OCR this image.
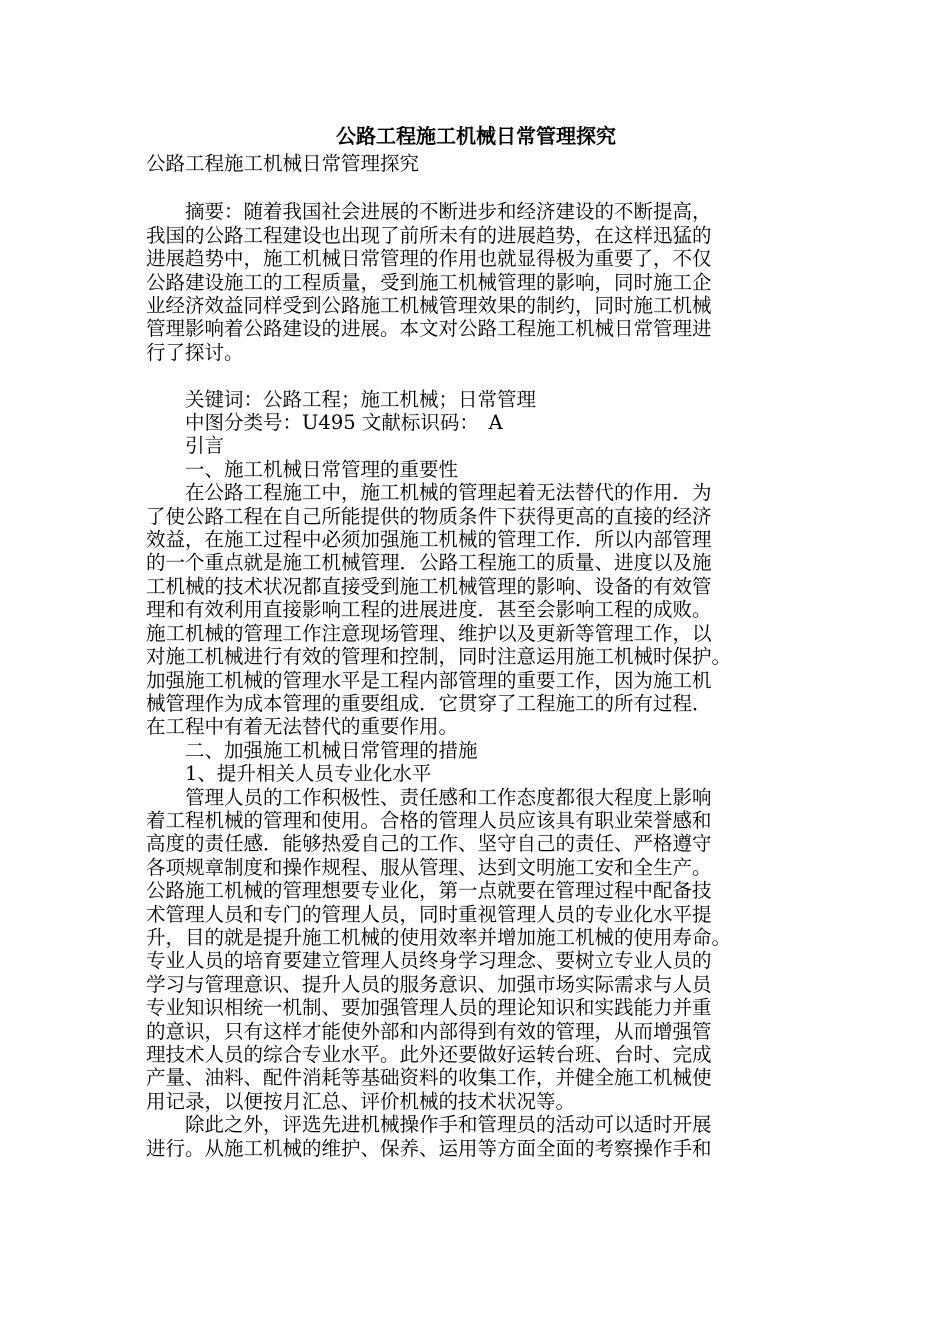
公路工程施工机械日常管理探究
公路工程施工机械日常管理探究
　　摘要：随着我国社会进展的不断进步和经济建设的不断提高，
我国的公路工程建设也出现了前所未有的进展趋势，在这样迅猛的
进展趋势中，施工机械日常管理的作用也就显得极为重要了，不仅
公路建设施工的工程质量，受到施工机械管理的影响，同时施工企
业经济效益同样受到公路施工机械管理效果的制约，同时施工机械
管理影响着公路建设的进展。本文对公路工程施工机械日常管理进
行了探讨。
　　关键词：公路工程；施工机械；日常管理
　　中图分类号：U495 文献标识码：　A
　　引言
　　一、施工机械日常管理的重要性
　　在公路工程施工中，施工机械的管理起着无法替代的作用．为
了使公路工程在自己所能提供的物质条件下获得更高的直接的经济
效益，在施工过程中必须加强施工机械的管理工作．所以内部管理
的一个重点就是施工机械管理．公路工程施工的质量、进度以及施
工机械的技术状况都直接受到施工机械管理的影响、设备的有效管
理和有效利用直接影响工程的进展进度．甚至会影响工程的成败。
施工机械的管理工作注意现场管理、维护以及更新等管理工作，以
对施工机械进行有效的管理和控制，同时注意运用施工机械时保护。
加强施工机械的管理水平是工程内部管理的重要工作，因为施工机
械管理作为成本管理的重要组成．它贯穿了工程施工的所有过程．
在工程中有着无法替代的重要作用。
　　二、加强施工机械日常管理的措施
　　1、提升相关人员专业化水平
　　管理人员的工作积极性、责任感和工作态度都很大程度上影响
着工程机械的管理和使用。合格的管理人员应该具有职业荣誉感和
高度的责任感．能够热爱自己的工作、坚守自己的责任、严格遵守
各项规章制度和操作规程、服从管理、达到文明施工安和全生产。
公路施工机械的管理想要专业化，第一点就要在管理过程中配备技
术管理人员和专门的管理人员，同时重视管理人员的专业化水平提
升，目的就是提升施工机械的使用效率并增加施工机械的使用寿命。
专业人员的培育要建立管理人员终身学习理念、要树立专业人员的
学习与管理意识、提升人员的服务意识、加强市场实际需求与人员
专业知识相统一机制、要加强管理人员的理论知识和实践能力并重
的意识，只有这样才能使外部和内部得到有效的管理，从而增强管
理技术人员的综合专业水平。此外还要做好运转台班、台时、完成
产量、油料、配件消耗等基础资料的收集工作，并健全施工机械使
用记录，以便按月汇总、评价机械的技术状况等。
　　除此之外，评选先进机械操作手和管理员的活动可以适时开展
进行。从施工机械的维护、保养、运用等方面全面的考察操作手和
